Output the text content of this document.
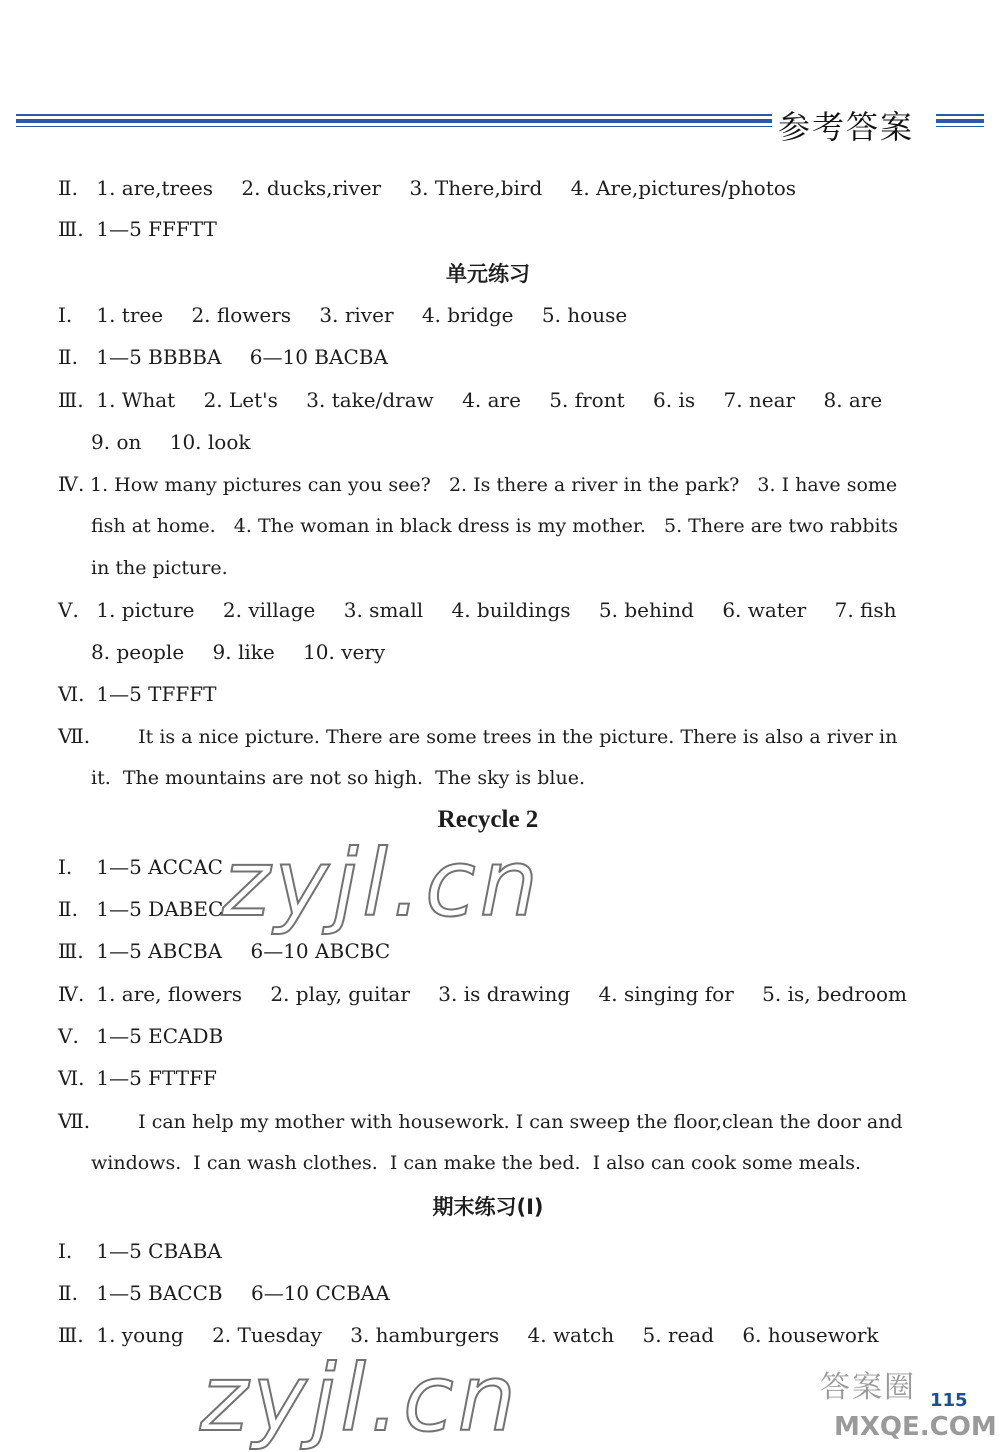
参考答案
Ⅱ. 1. are,trees 2. ducks,river 3. There,bird 4. Are,pictures/photos
Ⅲ. 1—5 FFFTT
单元练习
Ⅰ. 1. tree 2. flowers 3. river 4. bridge 5. house
Ⅱ. 1—5 BBBBA 6—10 BACBA
Ⅲ. 1. What 2. Let's 3. take/draw 4. are 5. front 6. is 7. near 8. are
9. on 10. look
Ⅳ. 1. How many pictures can you see?   2. Is there a river in the park?   3. I have some
fish at home.   4. The woman in black dress is my mother.   5. There are two rabbits
in the picture.
Ⅴ. 1. picture 2. village 3. small 4. buildings 5. behind 6. water 7. fish
8. people 9. like 10. very
Ⅵ. 1—5 TFFFT
Ⅶ.	It is a nice picture. There are some trees in the picture. There is also a river in
it.  The mountains are not so high.  The sky is blue.
Recycle 2
Ⅰ. 1—5 ACCAC
Ⅱ. 1—5 DABEC
Ⅲ. 1—5 ABCBA 6—10 ABCBC
Ⅳ. 1. are, flowers 2. play, guitar 3. is drawing 4. singing for 5. is, bedroom
Ⅴ. 1—5 ECADB
Ⅵ. 1—5 FTTFF
Ⅶ.	I can help my mother with housework. I can sweep the floor,clean the door and
windows.  I can wash clothes.  I can make the bed.  I also can cook some meals.
期末练习(Ⅰ)
Ⅰ. 1—5 CBABA
Ⅱ. 1—5 BACCB 6—10 CCBAA
Ⅲ. 1. young 2. Tuesday 3. hamburgers 4. watch 5. read 6. housework
zyjl.cn
zyjl.cn	答案圈
MXQE.COM
115
